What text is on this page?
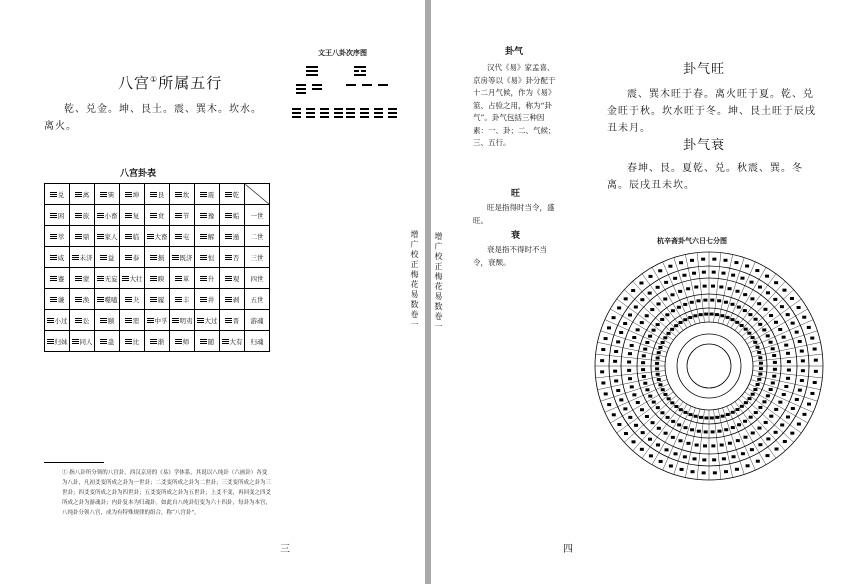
八宫①所属五行
乾、兑金。坤、艮土。震、巽木。坎水。离火。
文王八卦次序图
八宫卦表
兑	离	巽	坤	艮	坎	震	乾	
困	旅	小畜	复	贲	节	豫	姤	一世
萃	鼎	家人	临	大畜	屯	解	遁	二世
咸	未济	益	泰	损	既济	恒	否	三世
蹇	蒙	无妄	大壮	睽	革	升	观	四世
谦	涣	噬嗑	夬	履	丰	井	剥	五世
小过	讼	颐	需	中孚	明夷	大过	晋	游魂
归妹	同人	蛊	比	渐	师	随	大有	归魂
增广校正梅花易数卷一
① 指八卦所分领的八宫卦，西汉京房的《易》学体系，其说以八纯卦（六画卦）各变为八卦，凡初爻变所成之卦为一世卦；二爻变所成之卦为二世卦；三爻变所成之卦为三世卦；四爻变所成之卦为四世卦；五爻变所成之卦为五世卦；上爻不变，再回变之四爻所成之卦为游魂卦；内卦复本为归魂卦。如此自八纯卦衍变为六十四卦，每卦为本宫，八纯卦分领八宫，成为有特殊规律的组合，称“八宫卦”。
三
增广校正梅花易数卷一
卦气
汉代《易》家孟喜、京房等以《易》卦分配于十二月气候，作为《易》筮、占验之用，称为“卦气”。卦气包括三种因素：一、卦；二、气候；三、五行。
旺
旺是指得时当令，盛旺。
衰
衰是指不得时不当令，衰颓。
卦气旺
震、巽木旺于春。离火旺于夏。乾、兑金旺于秋。坎水旺于冬。坤、艮土旺于辰戌丑未月。
卦气衰
春坤、艮。夏乾、兑。秋震、巽。冬离。辰戌丑未坎。
杭辛斋卦气六日七分图
四
